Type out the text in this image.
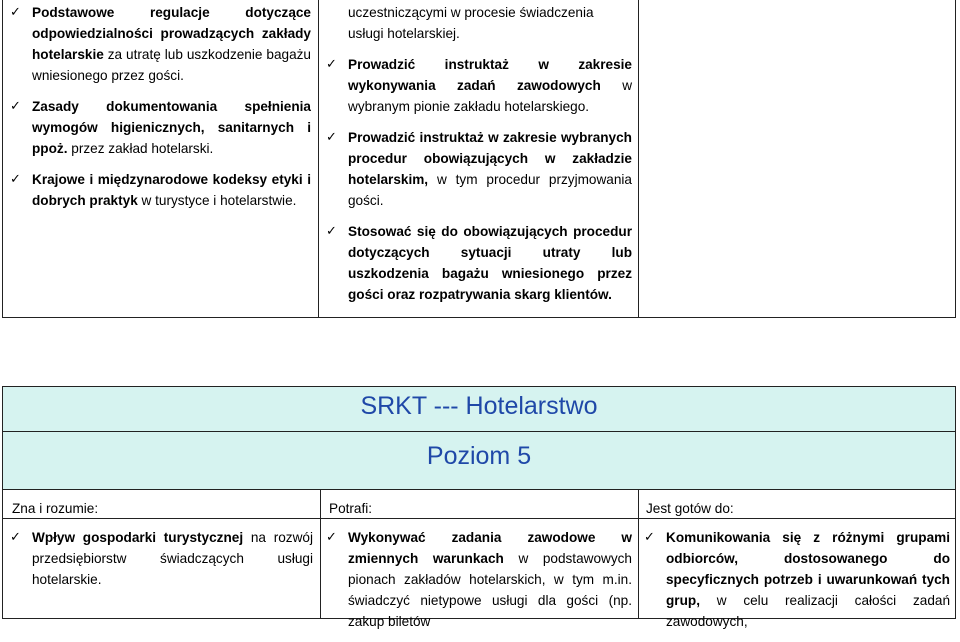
✓ Podstawowe regulacje dotyczące odpowiedzialności prowadzących zakłady hotelarskie za utratę lub uszkodzenie bagażu wniesionego przez gości.
✓ Zasady dokumentowania spełnienia wymogów higienicznych, sanitarnych i ppoż. przez zakład hotelarski.
✓ Krajowe i międzynarodowe kodeksy etyki i dobrych praktyk w turystyce i hotelarstwie.
uczestniczącymi w procesie świadczenia usługi hotelarskiej.
✓ Prowadzić instruktaż w zakresie wykonywania zadań zawodowych w wybranym pionie zakładu hotelarskiego.
✓ Prowadzić instruktaż w zakresie wybranych procedur obowiązujących w zakładzie hotelarskim, w tym procedur przyjmowania gości.
✓ Stosować się do obowiązujących procedur dotyczących sytuacji utraty lub uszkodzenia bagażu wniesionego przez gości oraz rozpatrywania skarg klientów.
SRKT --- Hotelarstwo
Poziom 5
Zna i rozumie:	Potrafi:	Jest gotów do:
✓ Wpływ gospodarki turystycznej na rozwój przedsiębiorstw świadczących usługi hotelarskie.
✓ Wykonywać zadania zawodowe w zmiennych warunkach w podstawowych pionach zakładów hotelarskich, w tym m.in. świadczyć nietypowe usługi dla gości (np. zakup biletów
✓ Komunikowania się z różnymi grupami odbiorców, dostosowanego do specyficznych potrzeb i uwarunkowań tych grup, w celu realizacji całości zadań zawodowych,
